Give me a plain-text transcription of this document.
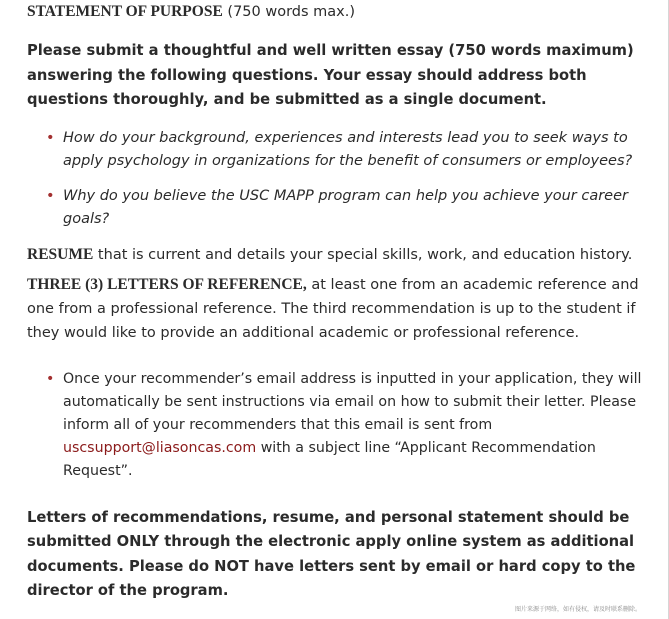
STATEMENT OF PURPOSE (750 words max.)

Please submit a thoughtful and well written essay (750 words maximum) answering the following questions. Your essay should address both questions thoroughly, and be submitted as a single document.

• How do your background, experiences and interests lead you to seek ways to apply psychology in organizations for the benefit of consumers or employees?
• Why do you believe the USC MAPP program can help you achieve your career goals?

RESUME that is current and details your special skills, work, and education history.

THREE (3) LETTERS OF REFERENCE, at least one from an academic reference and one from a professional reference. The third recommendation is up to the student if they would like to provide an additional academic or professional reference.

• Once your recommender’s email address is inputted in your application, they will automatically be sent instructions via email on how to submit their letter. Please inform all of your recommenders that this email is sent from uscsupport@liasoncas.com with a subject line “Applicant Recommendation Request”.

Letters of recommendations, resume, and personal statement should be submitted ONLY through the electronic apply online system as additional documents. Please do NOT have letters sent by email or hard copy to the director of the program.

图片来源于网络，如有侵权，请及时联系删除。
